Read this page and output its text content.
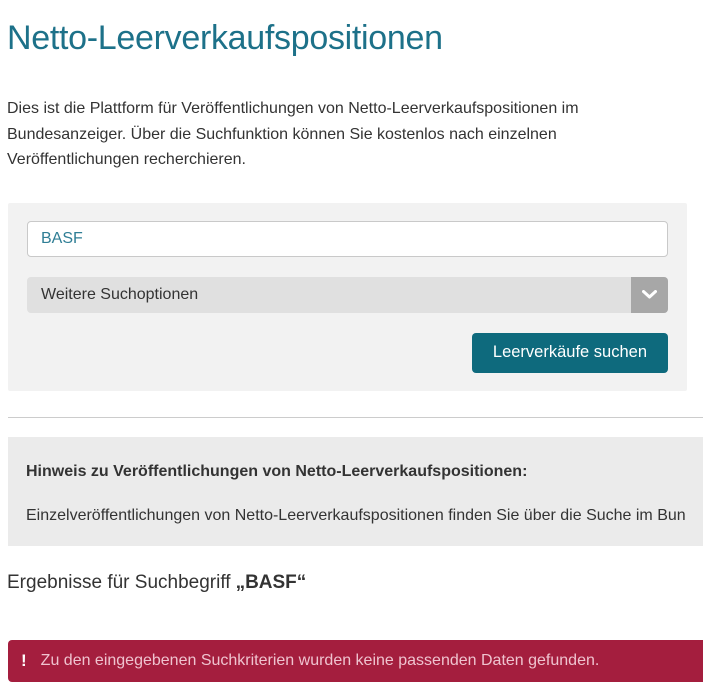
Netto-Leerverkaufspositionen

Dies ist die Plattform für Veröffentlichungen von Netto-Leerverkaufspositionen im Bundesanzeiger. Über die Suchfunktion können Sie kostenlos nach einzelnen Veröffentlichungen recherchieren.

BASF
Weitere Suchoptionen
Leerverkäufe suchen

Hinweis zu Veröffentlichungen von Netto-Leerverkaufspositionen:

Einzelveröffentlichungen von Netto-Leerverkaufspositionen finden Sie über die Suche im Bun

Ergebnisse für Suchbegriff „BASF“

! Zu den eingegebenen Suchkriterien wurden keine passenden Daten gefunden.
